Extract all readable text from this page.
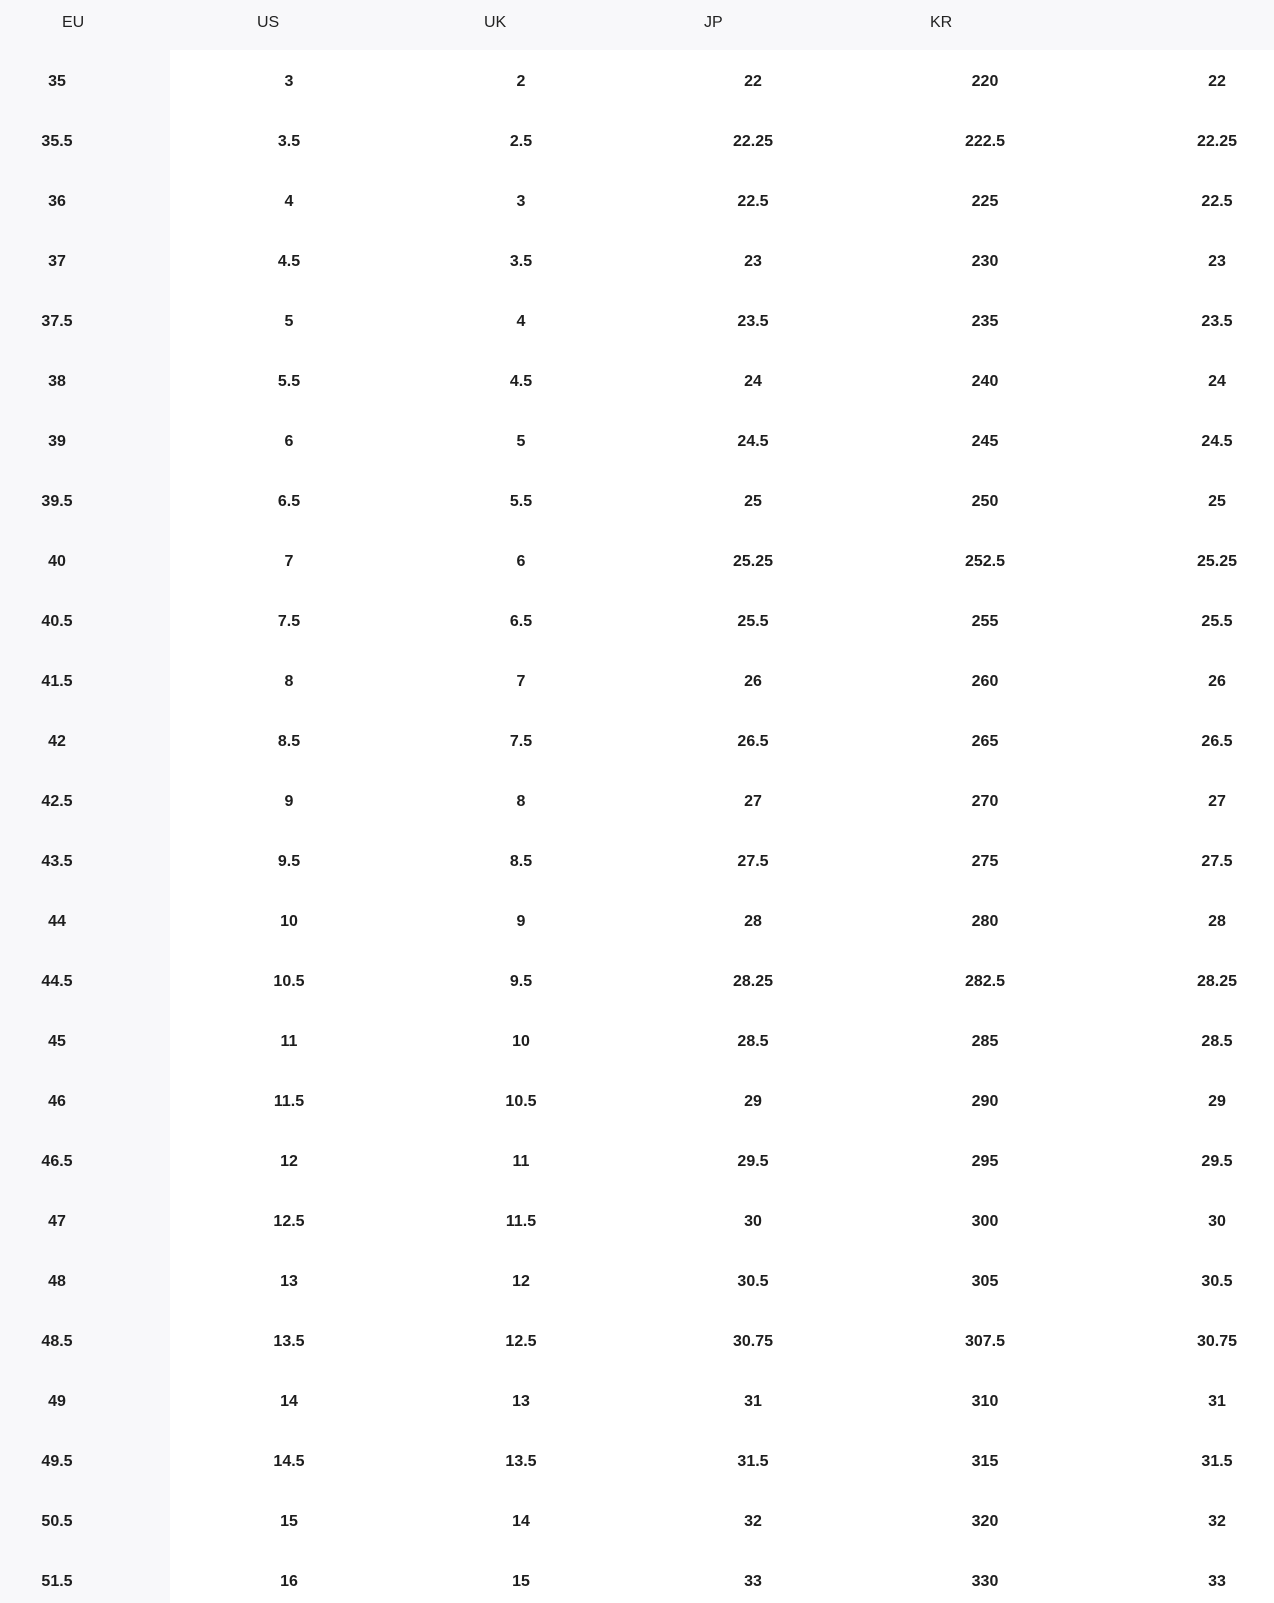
EU	US	UK	JP	KR
35	3	2	22	220	22
35.5	3.5	2.5	22.25	222.5	22.25
36	4	3	22.5	225	22.5
37	4.5	3.5	23	230	23
37.5	5	4	23.5	235	23.5
38	5.5	4.5	24	240	24
39	6	5	24.5	245	24.5
39.5	6.5	5.5	25	250	25
40	7	6	25.25	252.5	25.25
40.5	7.5	6.5	25.5	255	25.5
41.5	8	7	26	260	26
42	8.5	7.5	26.5	265	26.5
42.5	9	8	27	270	27
43.5	9.5	8.5	27.5	275	27.5
44	10	9	28	280	28
44.5	10.5	9.5	28.25	282.5	28.25
45	11	10	28.5	285	28.5
46	11.5	10.5	29	290	29
46.5	12	11	29.5	295	29.5
47	12.5	11.5	30	300	30
48	13	12	30.5	305	30.5
48.5	13.5	12.5	30.75	307.5	30.75
49	14	13	31	310	31
49.5	14.5	13.5	31.5	315	31.5
50.5	15	14	32	320	32
51.5	16	15	33	330	33
